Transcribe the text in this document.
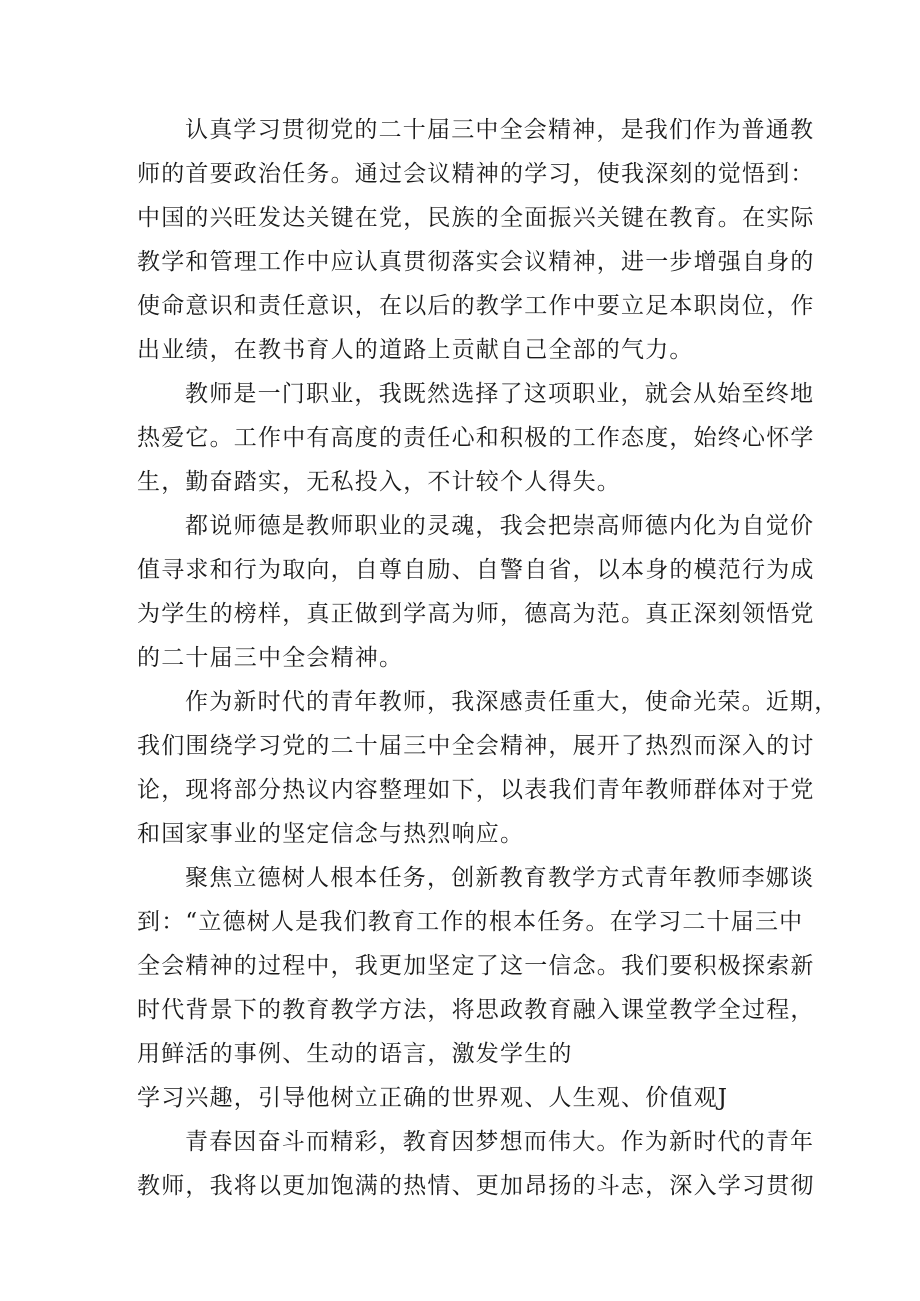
认真学习贯彻党的二十届三中全会精神，是我们作为普通教
师的首要政治任务。通过会议精神的学习，使我深刻的觉悟到：
中国的兴旺发达关键在党，民族的全面振兴关键在教育。在实际
教学和管理工作中应认真贯彻落实会议精神，进一步增强自身的
使命意识和责任意识，在以后的教学工作中要立足本职岗位，作
出业绩，在教书育人的道路上贡献自己全部的气力。
教师是一门职业，我既然选择了这项职业，就会从始至终地
热爱它。工作中有高度的责任心和积极的工作态度，始终心怀学
生，勤奋踏实，无私投入，不计较个人得失。
都说师德是教师职业的灵魂，我会把崇高师德内化为自觉价
值寻求和行为取向，自尊自励、自警自省，以本身的模范行为成
为学生的榜样，真正做到学高为师，德高为范。真正深刻领悟党
的二十届三中全会精神。
作为新时代的青年教师，我深感责任重大，使命光荣。近期，
我们围绕学习党的二十届三中全会精神，展开了热烈而深入的讨
论，现将部分热议内容整理如下，以表我们青年教师群体对于党
和国家事业的坚定信念与热烈响应。
聚焦立德树人根本任务，创新教育教学方式青年教师李娜谈
到：“立德树人是我们教育工作的根本任务。在学习二十届三中
全会精神的过程中，我更加坚定了这一信念。我们要积极探索新
时代背景下的教育教学方法，将思政教育融入课堂教学全过程，
用鲜活的事例、生动的语言，激发学生的
学习兴趣，引导他树立正确的世界观、人生观、价值观J
青春因奋斗而精彩，教育因梦想而伟大。作为新时代的青年
教师，我将以更加饱满的热情、更加昂扬的斗志，深入学习贯彻
